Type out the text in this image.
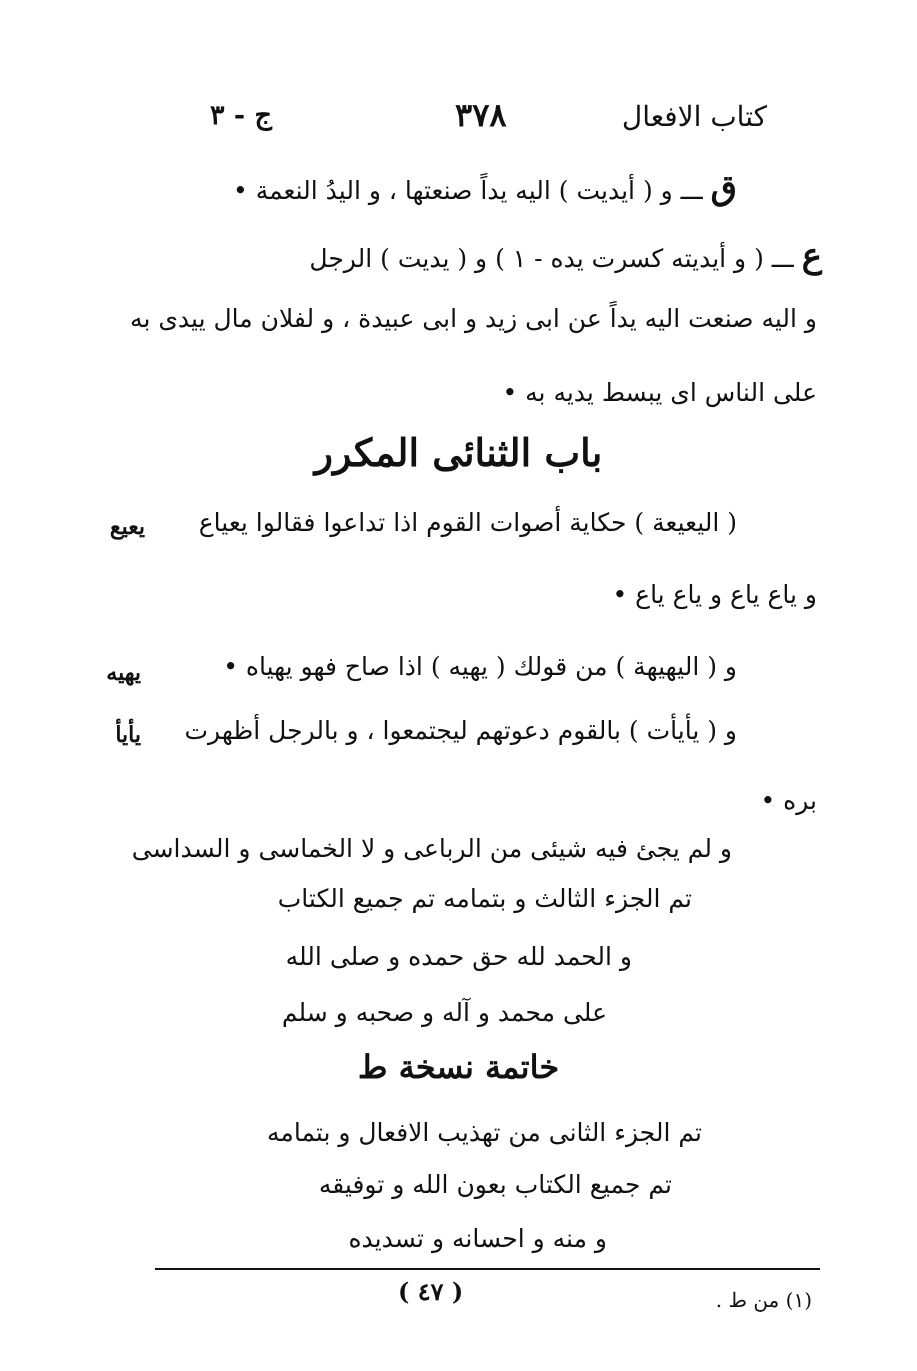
ج - ٣	٣٧٨	كتاب الافعال
ق ـــ و ( أيديت ) اليه يداً صنعتها ، و اليدُ النعمة •
ع ـــ ( و أيديته كسرت يده - ١ ) و ( يديت ) الرجل
و اليه صنعت اليه يداً عن ابى زيد و ابى عبيدة ، و لفلان مال ييدى به
على الناس اى يبسط يديه به •
باب الثنائى المكرر
يعيع ( اليعيعة ) حكاية أصوات القوم اذا تداعوا فقالوا يعياع
و ياع ياع و ياع ياع •
يهيه	و ( اليهيهة ) من قولك ( يهيه ) اذا صاح فهو يهياه •
يأيأ و ( يأيأت ) بالقوم دعوتهم ليجتمعوا ، و بالرجل أظهرت
بره •
و لم يجئ فيه شيئى من الرباعى و لا الخماسى و السداسى
تم الجزء الثالث و بتمامه تم جميع الكتاب
و الحمد لله حق حمده و صلى الله
على محمد و آله و صحبه و سلم
خاتمة نسخة ط
تم الجزء الثانى من تهذيب الافعال و بتمامه
تم جميع الكتاب بعون الله و توفيقه
و منه و احسانه و تسديده
( ٤٧ )	(١) من ط .
